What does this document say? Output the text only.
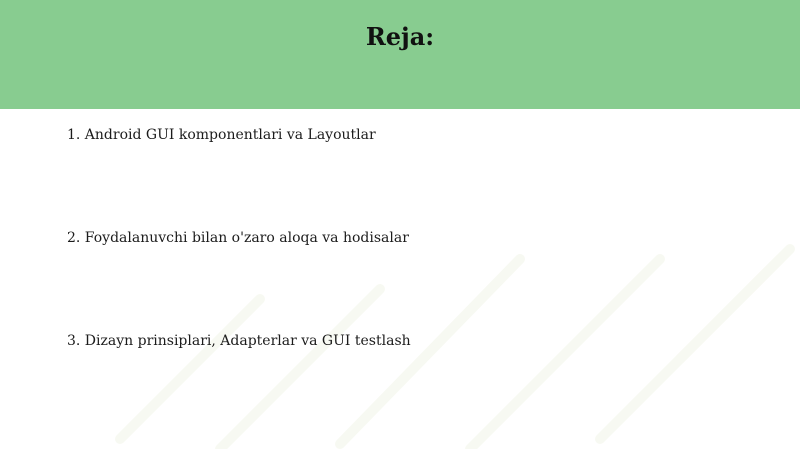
Reja:
1. Android GUI komponentlari va Layoutlar
2. Foydalanuvchi bilan o'zaro aloqa va hodisalar
3. Dizayn prinsiplari, Adapterlar va GUI testlash
